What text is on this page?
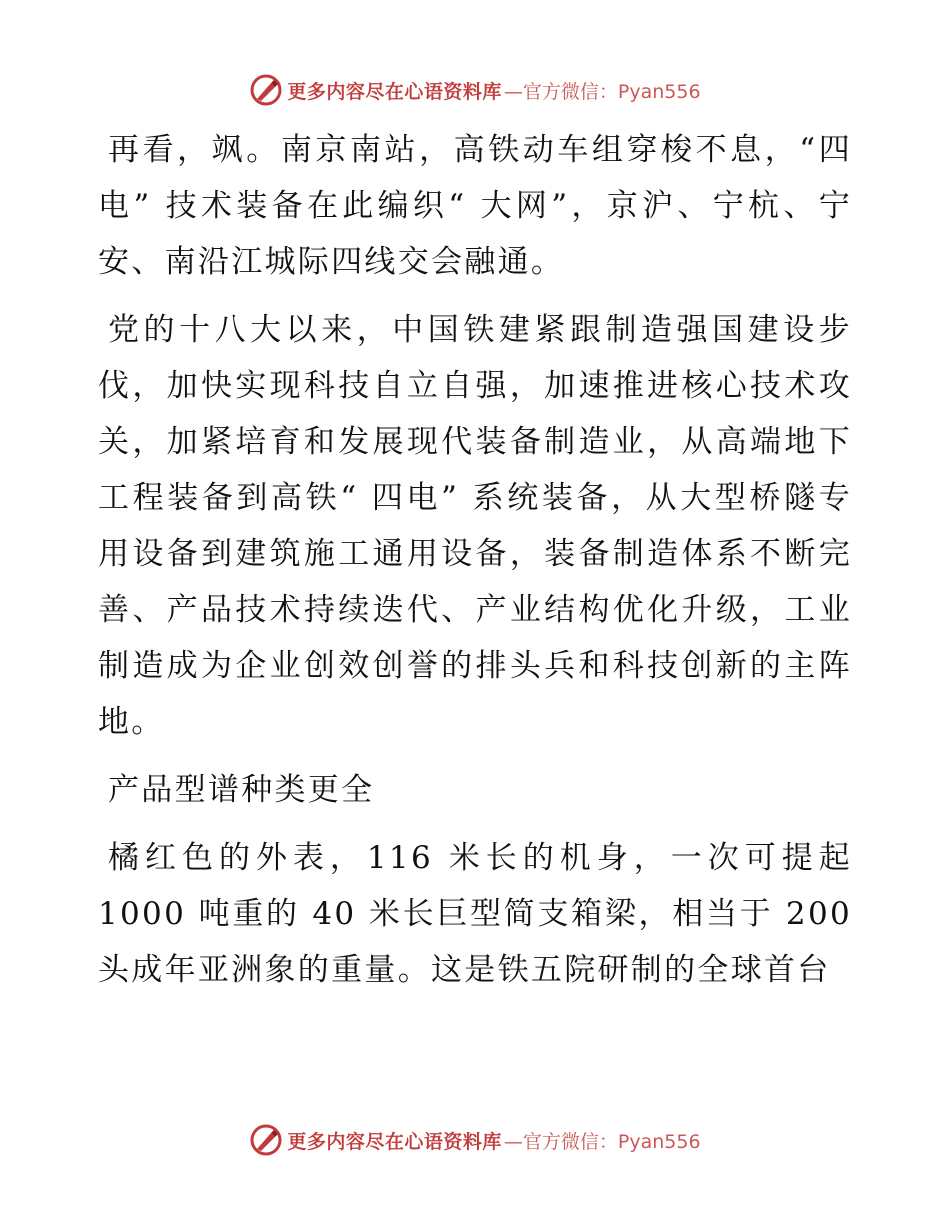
更多内容尽在心语资料库 —官方微信：Pyan556

再看，飒。南京南站，高铁动车组穿梭不息，“四电” 技术装备在此编织“ 大网”，京沪、宁杭、宁安、南沿江城际四线交会融通。

党的十八大以来，中国铁建紧跟制造强国建设步伐，加快实现科技自立自强，加速推进核心技术攻关，加紧培育和发展现代装备制造业，从高端地下工程装备到高铁“ 四电” 系统装备，从大型桥隧专用设备到建筑施工通用设备，装备制造体系不断完善、产品技术持续迭代、产业结构优化升级，工业制造成为企业创效创誉的排头兵和科技创新的主阵地。

产品型谱种类更全

橘红色的外表，116 米长的机身，一次可提起 1000 吨重的 40 米长巨型简支箱梁，相当于 200 头成年亚洲象的重量。这是铁五院研制的全球首台

更多内容尽在心语资料库 —官方微信：Pyan556
